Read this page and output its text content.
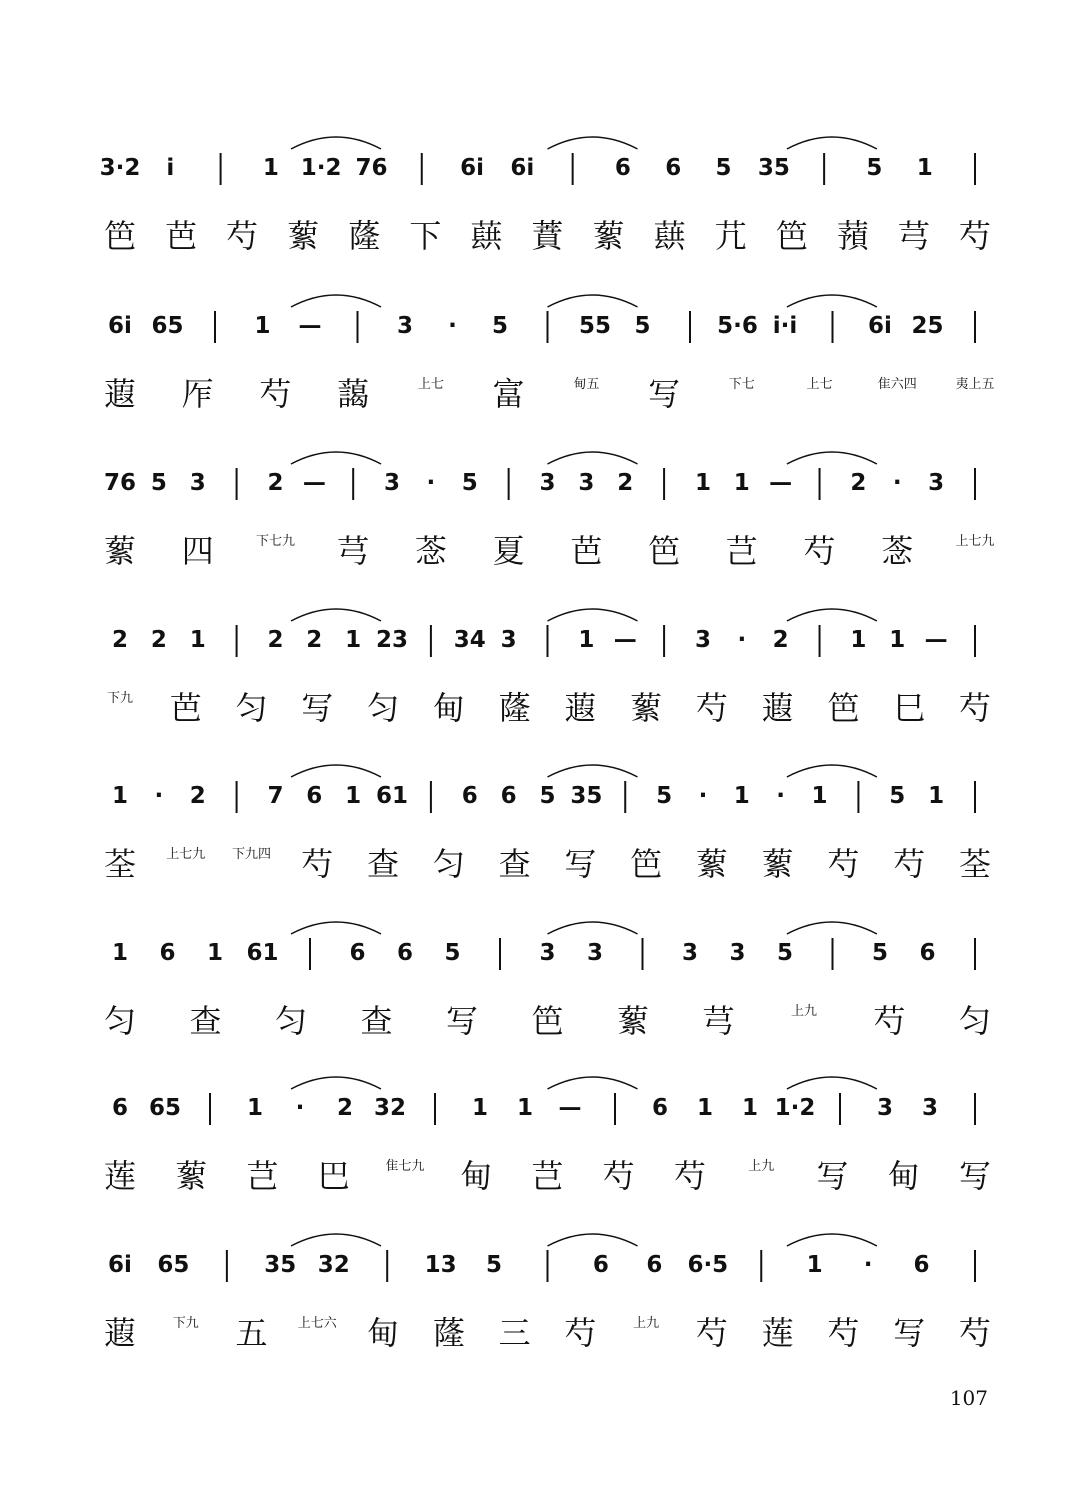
3·2 i	1 1·2 76	6i 6i	6 6 5 35	5 1
笆 芭 芍 蕠 蕯 下 蕻 蕡 蕠 蕻 芁 笆 蕷 芎 芍
6i 65	1 —	3 · 5	55 5	5·6 i·i	6i 25
蕸 厏 芍 藹	上七 富	甸五 写	下七	上七	隹六四	夷上五
76 5 3	2 —	3 · 5	3 3 2	1 1 —	2 · 3
蕠 四	下七九 芎 菍 夏 芭 笆 芑 芍 菍	上七九
2 2 1	2 2 1 23 34 3	1 —	3 · 2	1 1 —
下九 芭 匀 写 匀 甸 蕯 蕸 蕠 芍 蕸 笆 巳 芍
1 · 2	7 6 1 61 6 6 5 35 5 · 1 · 1	5 1
荃 上七九 下九四 芍 查 匀 查 写 笆 蕠 蕠 芍 芍 荃
1 6 1 61	6 6 5	3 3	3 3 5	5 6
匀 查 匀 查 写 笆 蕠 芎	上九 芍 匀
6 65	1 · 2 32	1 1 —	6 1 1 1·2	3 3
莲 蕠 芑 巴	隹七九 甸 芑 芍 芍	上九 写 甸 写
6i 65	35 32	13 5	6 6 6·5	1 · 6
蕸	下九 五 上七六 甸 蕯 三 芍	上九 芍 莲 芍 写 芍
107
